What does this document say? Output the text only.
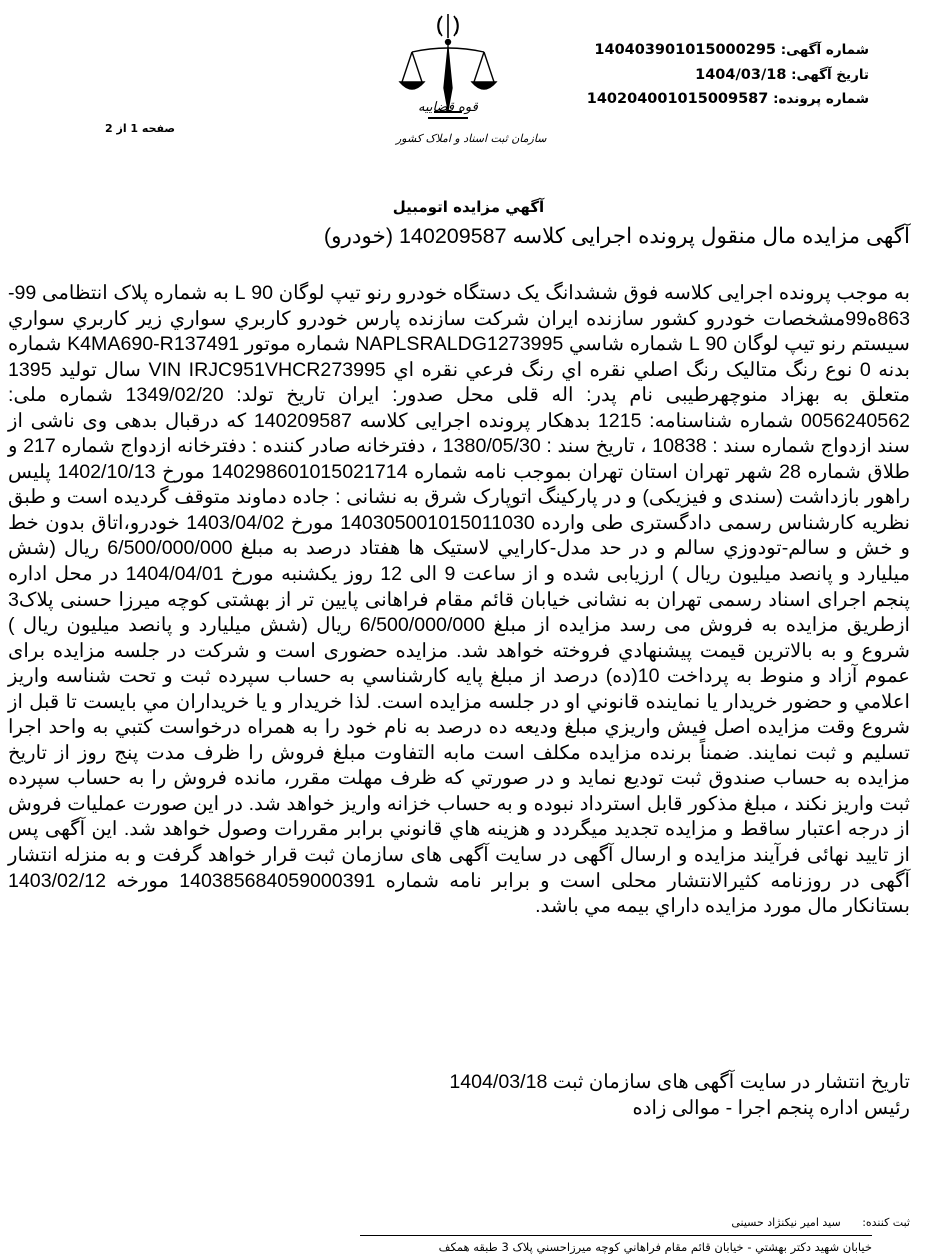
قوه قضاییه
سازمان ثبت اسناد و املاک کشور
صفحه 1 از 2
شماره آگهی: 14040390101500029​5
تاریخ آگهی: 1404/03/18
شماره پرونده: 140204001015009587

آگهي مزايده اتومبيل
آگهی مزایده مال منقول پرونده اجرایی کلاسه 140209587 (خودرو)

به موجب پرونده اجرایی کلاسه فوق ششدانگ یک دستگاه خودرو رنو تیپ لوگان 90 L به شماره پلاک انتظامی 99-863ه99مشخصات خودرو کشور سازنده ایران شرکت سازنده پارس خودرو کاربري سواري زير کاربري سواري سيستم رنو تیپ لوگان 90 L شماره شاسي NAPLSRALDG1273995 شماره موتور K4MA690-R137491 شماره بدنه 0 نوع رنگ متاليک رنگ اصلي نقره اي رنگ فرعي نقره اي VIN IRJC951VHCR273995 سال تولید 1395 متعلق به بهزاد منوچهرطیبی نام پدر: اله قلی محل صدور: ایران تاریخ تولد: 1349/02/20 شماره ملی: 0056240562 شماره شناسنامه: 1215 بدهکار پرونده اجرایی کلاسه 140209587 که درقبال بدهی وی ناشی از سند ازدواج شماره سند : 10838 ، تاریخ سند : 1380/05/30 ، دفترخانه صادر کننده : دفترخانه ازدواج شماره 217 و طلاق شماره 28 شهر تهران استان تهران بموجب نامه شماره 140298601015021714 مورخ 1402/10/13 پلیس راهور بازداشت (سندی و فیزیکی) و در پارکینگ اتوپارک شرق به نشانی : جاده دماوند متوقف گردیده است و طبق نظریه کارشناس رسمی دادگستری طی وارده 140305001015011030 مورخ 1403/04/02 خودرو،اتاق بدون خط و خش و سالم-تودوزي سالم و در حد مدل-کارايي لاستيک ها هفتاد درصد به مبلغ 6/500/000/000 ریال (شش میلیارد و پانصد میلیون ریال ) ارزیابی شده و از ساعت 9 الی 12 روز یکشنبه مورخ 1404/04/01 در محل اداره پنجم اجرای اسناد رسمی تهران به نشانی خیابان قائم مقام فراهانی پایین تر از بهشتی کوچه میرزا حسنی پلاک3 ازطریق مزایده به فروش می رسد مزایده از مبلغ 6/500/000/000 ریال (شش میلیارد و پانصد میلیون ریال ) شروع و به بالاترين قيمت پيشنهادي فروخته خواهد شد. مزایده حضوری است و شرکت در جلسه مزایده برای عموم آزاد و منوط به پرداخت 10(ده) درصد از مبلغ پايه کارشناسي به حساب سپرده ثبت و تحت شناسه واريز اعلامي و حضور خريدار يا نماينده قانوني او در جلسه مزايده است. لذا خريدار و يا خريداران مي بايست تا قبل از شروع وقت مزايده اصل فيش واريزي مبلغ وديعه ده درصد به نام خود را به همراه درخواست کتبي به واحد اجرا تسليم و ثبت نمايند. ضمناً برنده مزايده مکلف است مابه التفاوت مبلغ فروش را ظرف مدت پنج روز از تاريخ مزايده به حساب صندوق ثبت توديع نمايد و در صورتي که ظرف مهلت مقرر، مانده فروش را به حساب سپرده ثبت واريز نکند ، مبلغ مذکور قابل استرداد نبوده و به حساب خزانه واريز خواهد شد. در اين صورت عمليات فروش از درجه اعتبار ساقط و مزايده تجديد ميگردد و هزينه هاي قانوني برابر مقررات وصول خواهد شد. این آگهی پس از تایید نهائی فرآیند مزایده و ارسال آگهی در سایت آگهی های سازمان ثبت قرار خواهد گرفت و به منزله انتشار آگهی در روزنامه کثیرالانتشار محلی است و برابر نامه شماره 140385684059000391 مورخه 1403/02/12 بستانکار مال مورد مزايده داراي بيمه مي باشد.

تاریخ انتشار در سایت آگهی های سازمان ثبت 1404/03/18
رئیس اداره پنجم اجرا - موالی زاده
ثبت کننده: سید امیر نیکنژاد حسینی
خيابان شهيد دکتر بهشتي - خيابان قائم مقام فراهاني کوچه ميرزاحسني پلاک 3 طبقه همکف
